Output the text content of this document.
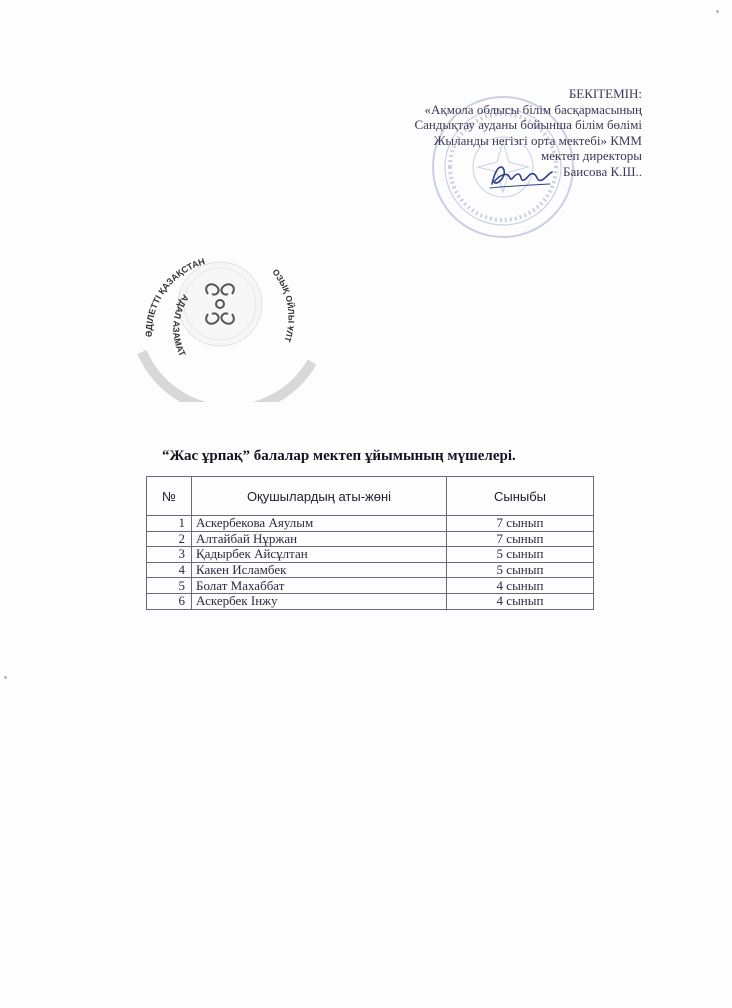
БЕКІТЕМІН:
«Ақмола облысы білім басқармасының
Сандықтау ауданы бойынша білім бөлімі
Жыланды негізгі орта мектебі» КММ
мектеп директоры
Баисова К.Ш..
ӘДІЛЕТТІ ҚАЗАҚСТАН
ОЗЫҚ ОЙЛЫ ҰЛТ
АДАЛ АЗАМАТ
“Жас ұрпақ” балалар мектеп ұйымының мүшелері.
№	Оқушылардың аты-жөні	Сыныбы
1	Аскербекова Аяулым	7 сынып
2	Алтайбай Нұржан	7 сынып
3	Қадырбек Айсұлтан	5 сынып
4	Какен Исламбек	5 сынып
5	Болат Махаббат	4 сынып
6	Аскербек Інжу	4 сынып
